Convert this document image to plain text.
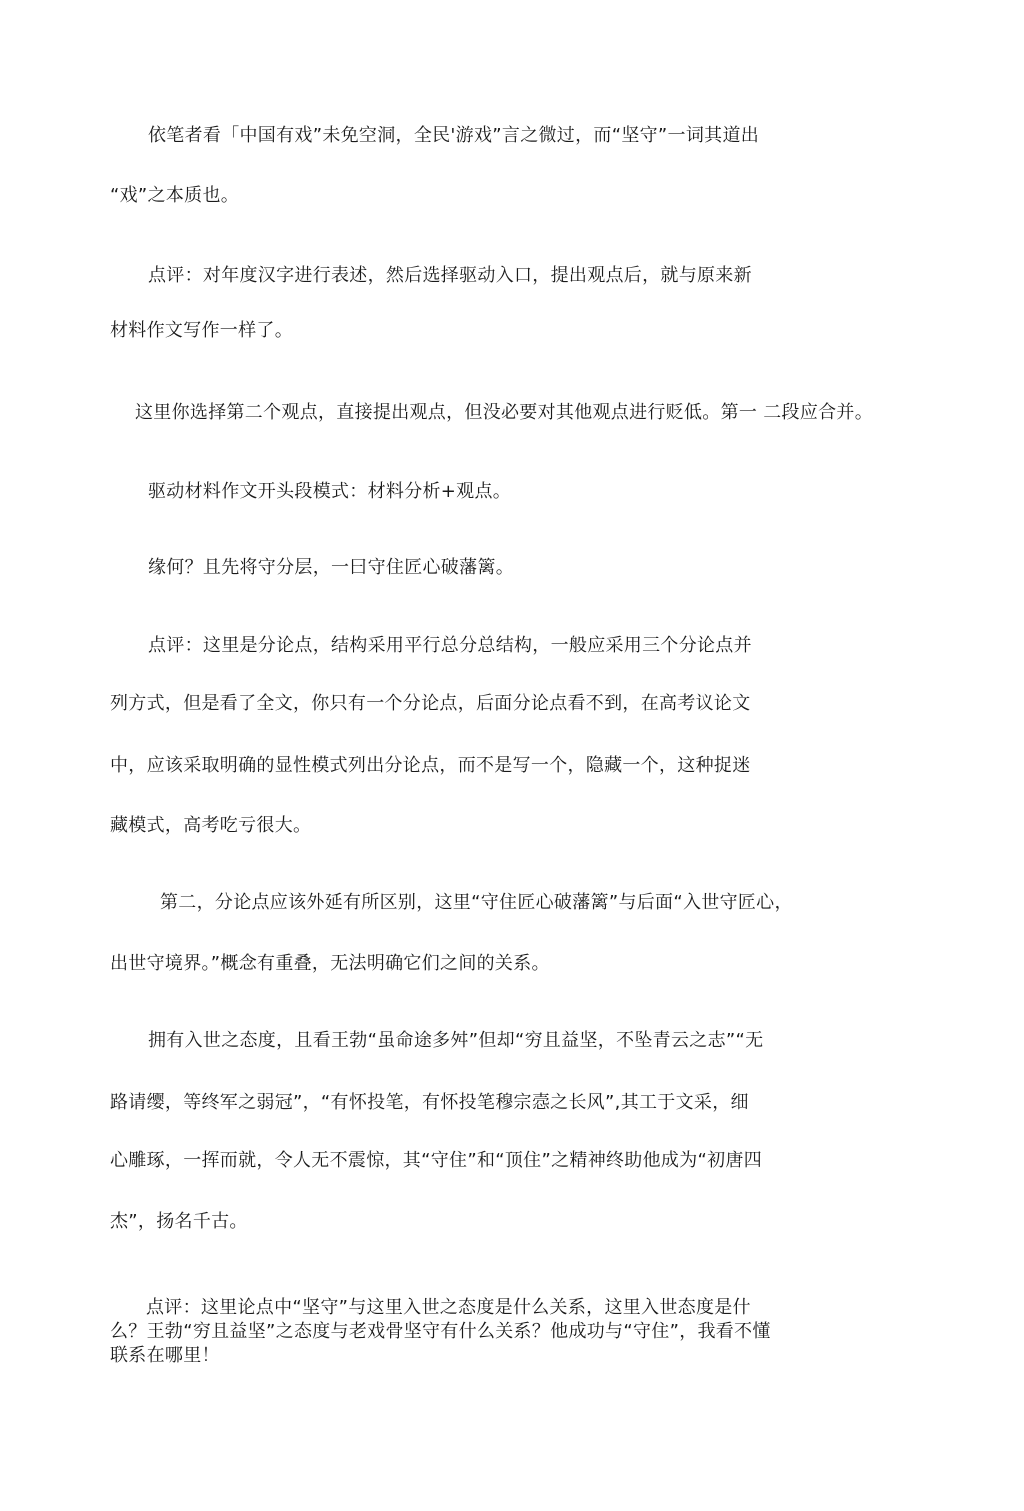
依笔者看「中国有戏”未免空洞，全民'游戏”言之微过，而“坚守”一词其道出
“戏”之本质也。
点评：对年度汉字进行表述，然后选择驱动入口，提出观点后，就与原来新
材料作文写作一样了。
这里你选择第二个观点，直接提出观点，但没必要对其他观点进行贬低。第一 二段应合并。
驱动材料作文开头段模式：材料分析+观点。
缘何？且先将守分层，一曰守住匠心破藩篱。
点评：这里是分论点，结构采用平行总分总结构，一般应采用三个分论点并
列方式，但是看了全文，你只有一个分论点，后面分论点看不到，在高考议论文
中，应该采取明确的显性模式列出分论点，而不是写一个，隐藏一个，这种捉迷
藏模式，高考吃亏很大。
第二，分论点应该外延有所区别，这里“守住匠心破藩篱”与后面“入世守匠心，
出世守境界。”概念有重叠，无法明确它们之间的关系。
拥有入世之态度，且看王勃“虽命途多舛”但却“穷且益坚，不坠青云之志”“无
路请缨，等终军之弱冠”，“有怀投笔，有怀投笔穆宗悫之长风”,其工于文采，细
心雕琢，一挥而就，令人无不震惊，其“守住”和“顶住”之精神终助他成为“初唐四
杰”，扬名千古。
点评：这里论点中“坚守”与这里入世之态度是什么关系，这里入世态度是什
么？王勃“穷且益坚”之态度与老戏骨坚守有什么关系？他成功与“守住”，我看不懂
联系在哪里！
